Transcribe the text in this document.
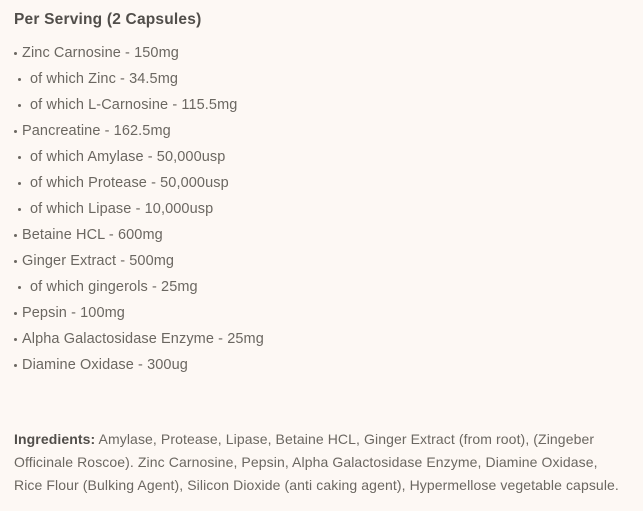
Per Serving (2 Capsules)
Zinc Carnosine - 150mg
of which Zinc - 34.5mg
of which L-Carnosine - 115.5mg
Pancreatine - 162.5mg
of which Amylase - 50,000usp
of which Protease - 50,000usp
of which Lipase - 10,000usp
Betaine HCL - 600mg
Ginger Extract - 500mg
of which gingerols - 25mg
Pepsin - 100mg
Alpha Galactosidase Enzyme - 25mg
Diamine Oxidase - 300ug

Ingredients: Amylase, Protease, Lipase, Betaine HCL, Ginger Extract (from root), (Zingeber Officinale Roscoe). Zinc Carnosine, Pepsin, Alpha Galactosidase Enzyme, Diamine Oxidase, Rice Flour (Bulking Agent), Silicon Dioxide (anti caking agent), Hypermellose vegetable capsule.
